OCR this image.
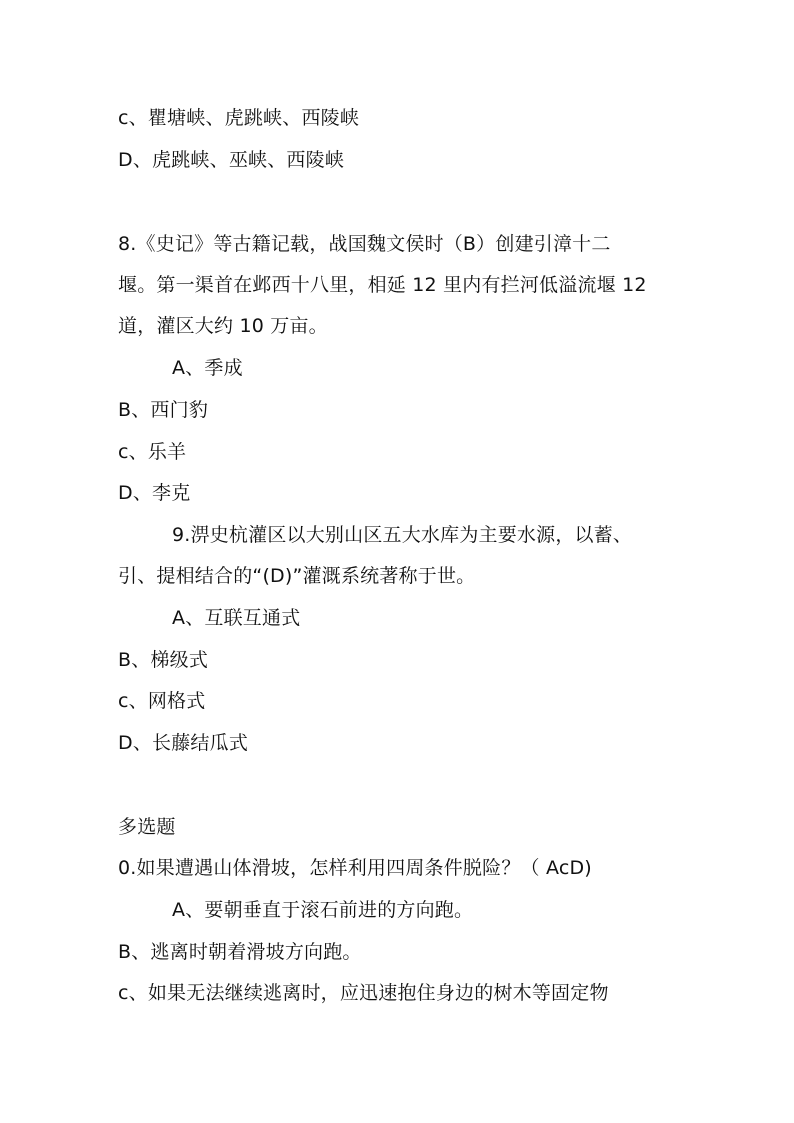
c、瞿塘峡、虎跳峡、西陵峡
D、虎跳峡、巫峡、西陵峡
8.《史记》等古籍记载，战国魏文侯时（B）创建引漳十二
堰。第一渠首在邺西十八里，相延 12 里内有拦河低溢流堰 12
道，灌区大约 10 万亩。
A、季成
B、西门豹
c、乐羊
D、李克
9.淠史杭灌区以大别山区五大水库为主要水源，以蓄、
引、提相结合的“(D)”灌溉系统著称于世。
A、互联互通式
B、梯级式
c、网格式
D、长藤结瓜式
多选题
0.如果遭遇山体滑坡，怎样利用四周条件脱险？（ AcD)
A、要朝垂直于滚石前进的方向跑。
B、逃离时朝着滑坡方向跑。
c、如果无法继续逃离时，应迅速抱住身边的树木等固定物
